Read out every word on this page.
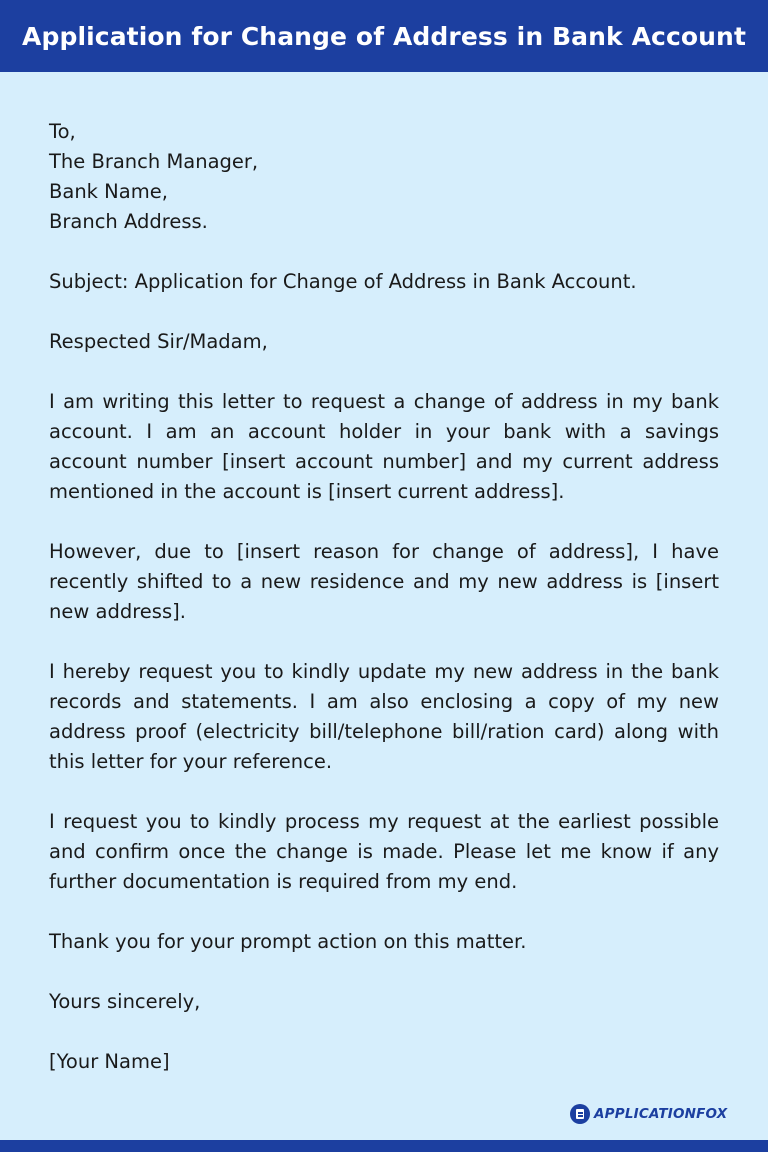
Application for Change of Address in Bank Account
To,
The Branch Manager,
Bank Name,
Branch Address.
Subject: Application for Change of Address in Bank Account.
Respected Sir/Madam,
I am writing this letter to request a change of address in my bank account. I am an account holder in your bank with a savings account number [insert account number] and my current address mentioned in the account is [insert current address].
However, due to [insert reason for change of address], I have recently shifted to a new residence and my new address is [insert new address].
I hereby request you to kindly update my new address in the bank records and statements. I am also enclosing a copy of my new address proof (electricity bill/telephone bill/ration card) along with this letter for your reference.
I request you to kindly process my request at the earliest possible and confirm once the change is made. Please let me know if any further documentation is required from my end.
Thank you for your prompt action on this matter.
Yours sincerely,
[Your Name]
APPLICATIONFOX
